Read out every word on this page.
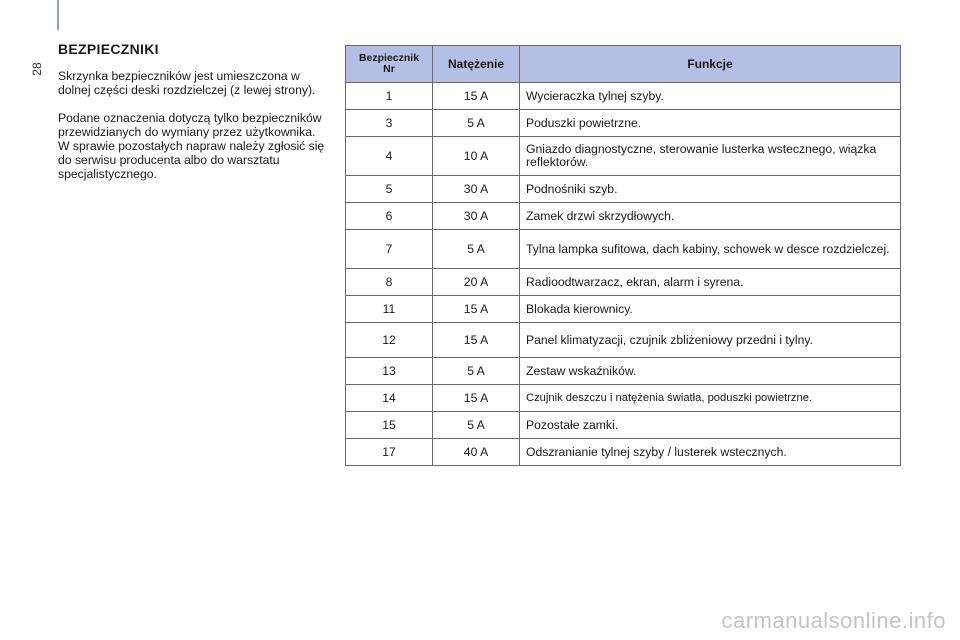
28
BEZPIECZNIKI

Skrzynka bezpieczników jest umieszczona w dolnej części deski rozdzielczej (z lewej strony).

Podane oznaczenia dotyczą tylko bezpieczników przewidzianych do wymiany przez użytkownika. W sprawie pozostałych napraw należy zgłosić się do serwisu producenta albo do warsztatu specjalistycznego.

Bezpiecznik Nr	Natężenie	Funkcje
1	15 A	Wycieraczka tylnej szyby.
3	5 A	Poduszki powietrzne.
4	10 A	Gniazdo diagnostyczne, sterowanie lusterka wstecznego, wiązka reflektorów.
5	30 A	Podnośniki szyb.
6	30 A	Zamek drzwi skrzydłowych.
7	5 A	Tylna lampka sufitowa, dach kabiny, schowek w desce rozdzielczej.
8	20 A	Radioodtwarzacz, ekran, alarm i syrena.
11	15 A	Blokada kierownicy.
12	15 A	Panel klimatyzacji, czujnik zbliżeniowy przedni i tylny.
13	5 A	Zestaw wskaźników.
14	15 A	Czujnik deszczu i natężenia światła, poduszki powietrzne.
15	5 A	Pozostałe zamki.
17	40 A	Odszranianie tylnej szyby / lusterek wstecznych.
carmanualsonline.info
